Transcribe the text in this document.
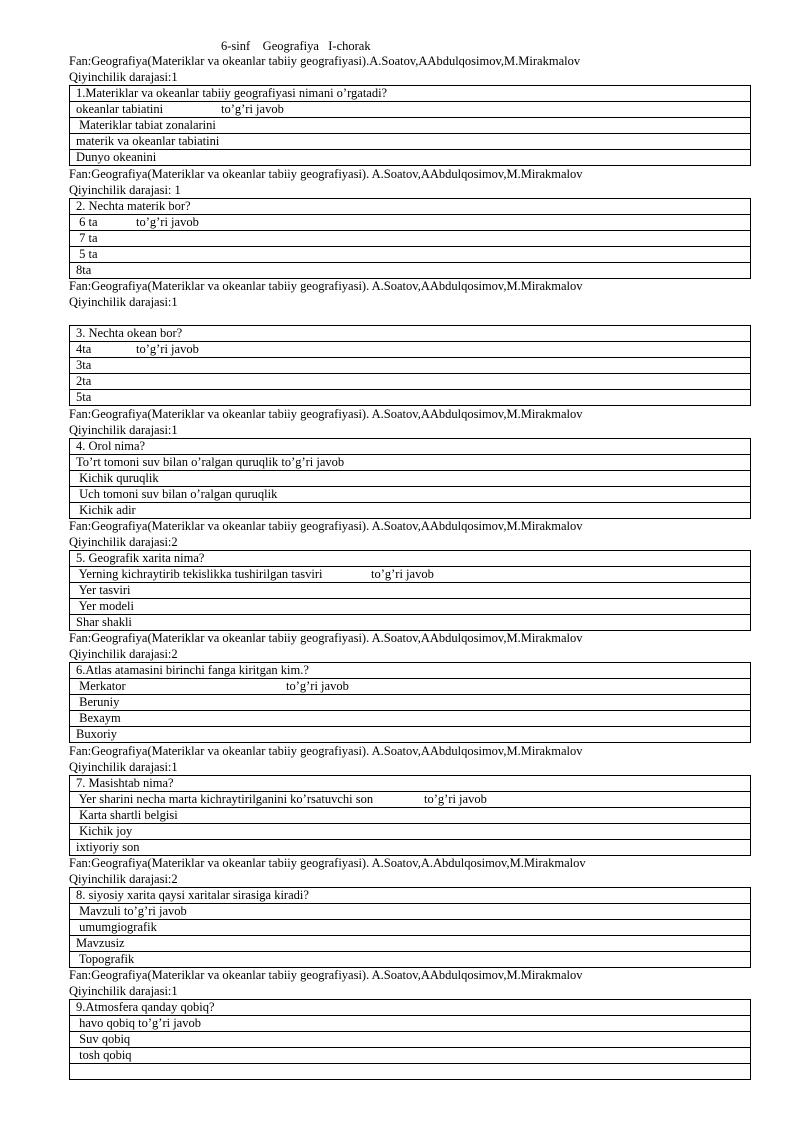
6-sinf    Geografiya   I-chorak
Fan:Geografiya(Materiklar va okeanlar tabiiy geografiyasi).A.Soatov,AAbdulqosimov,M.Mirakmalov
Qiyinchilik darajasi:1
1.Materiklar va okeanlar tabiiy geografiyasi nimani o’rgatadi?
okeanlar tabiatini	to’g’ri javob
Materiklar tabiat zonalarini
materik va okeanlar tabiatini
Dunyo okeanini
Fan:Geografiya(Materiklar va okeanlar tabiiy geografiyasi). A.Soatov,AAbdulqosimov,M.Mirakmalov
Qiyinchilik darajasi: 1
2. Nechta materik bor?
6 ta	to’g’ri javob
7 ta
5 ta
8ta
Fan:Geografiya(Materiklar va okeanlar tabiiy geografiyasi). A.Soatov,AAbdulqosimov,M.Mirakmalov
Qiyinchilik darajasi:1
3. Nechta okean bor?
4ta	to’g’ri javob
3ta
2ta
5ta
Fan:Geografiya(Materiklar va okeanlar tabiiy geografiyasi). A.Soatov,AAbdulqosimov,M.Mirakmalov
Qiyinchilik darajasi:1
4. Orol nima?
To’rt tomoni suv bilan o’ralgan quruqlik to’g’ri javob
Kichik quruqlik
Uch tomoni suv bilan o’ralgan quruqlik
Kichik adir
Fan:Geografiya(Materiklar va okeanlar tabiiy geografiyasi). A.Soatov,AAbdulqosimov,M.Mirakmalov
Qiyinchilik darajasi:2
5. Geografik xarita nima?
Yerning kichraytirib tekislikka tushirilgan tasviri	to’g’ri javob
Yer tasviri
Yer modeli
Shar shakli
Fan:Geografiya(Materiklar va okeanlar tabiiy geografiyasi). A.Soatov,AAbdulqosimov,M.Mirakmalov
Qiyinchilik darajasi:2
6.Atlas atamasini birinchi fanga kiritgan kim.?
Merkator	to’g’ri javob
Beruniy
Bexaym
Buxoriy
Fan:Geografiya(Materiklar va okeanlar tabiiy geografiyasi). A.Soatov,AAbdulqosimov,M.Mirakmalov
Qiyinchilik darajasi:1
7. Masishtab nima?
Yer sharini necha marta kichraytirilganini ko’rsatuvchi son	to’g’ri javob
Karta shartli belgisi
Kichik joy
ixtiyoriy son
Fan:Geografiya(Materiklar va okeanlar tabiiy geografiyasi). A.Soatov,A.Abdulqosimov,M.Mirakmalov
Qiyinchilik darajasi:2
8. siyosiy xarita qaysi xaritalar sirasiga kiradi?
Mavzuli to’g’ri javob
umumgiografik
Mavzusiz
Topografik
Fan:Geografiya(Materiklar va okeanlar tabiiy geografiyasi). A.Soatov,AAbdulqosimov,M.Mirakmalov
Qiyinchilik darajasi:1
9.Atmosfera qanday qobiq?
havo qobiq to’g’ri javob
Suv qobiq
tosh qobiq
